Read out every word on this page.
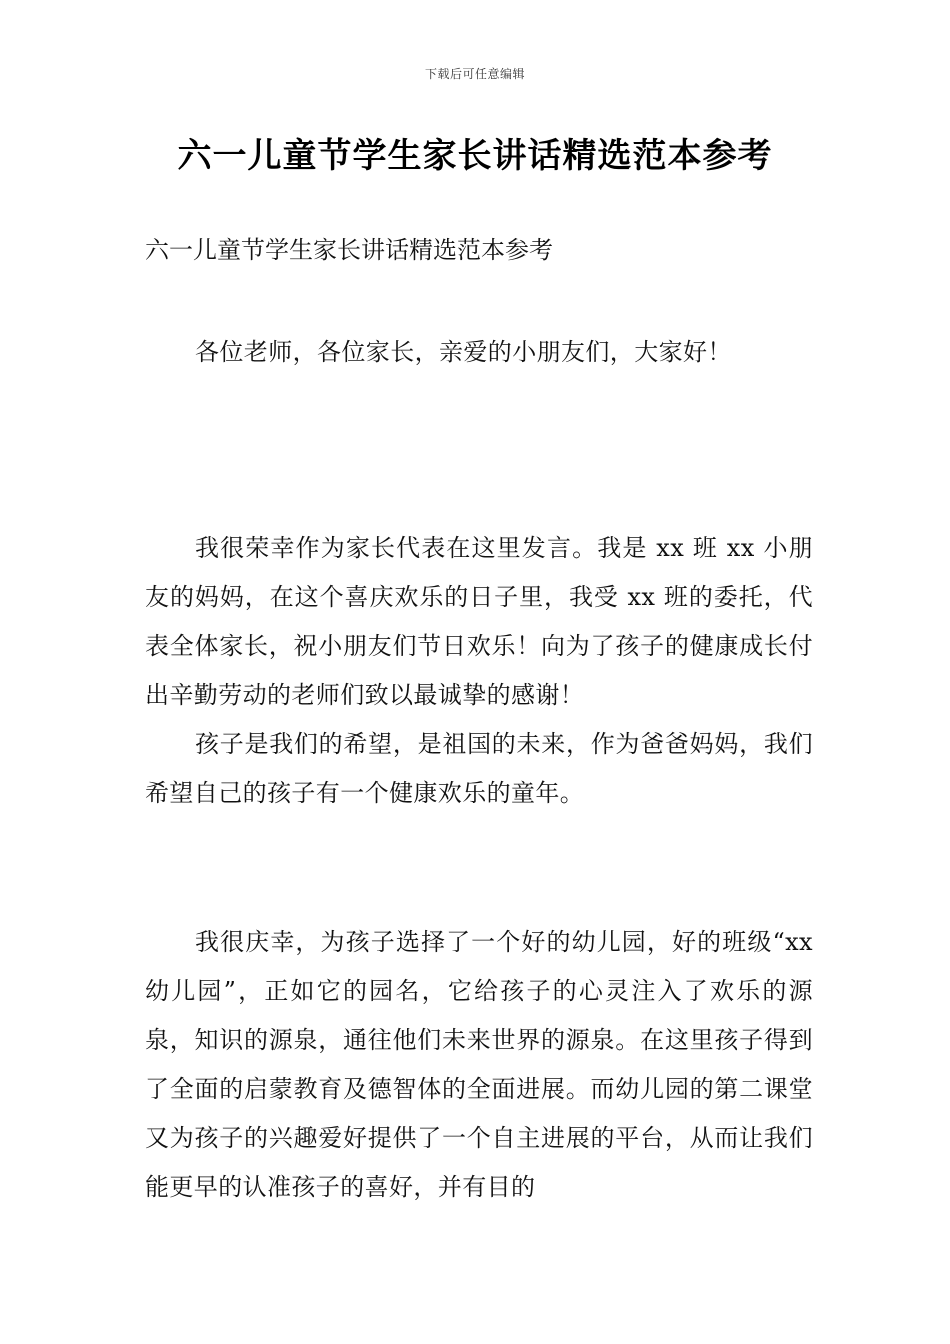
下载后可任意编辑
六一儿童节学生家长讲话精选范本参考

六一儿童节学生家长讲话精选范本参考

各位老师，各位家长，亲爱的小朋友们，大家好！

我很荣幸作为家长代表在这里发言。我是 xx 班 xx 小朋友的妈妈，在这个喜庆欢乐的日子里，我受 xx 班的委托，代表全体家长，祝小朋友们节日欢乐！向为了孩子的健康成长付出辛勤劳动的老师们致以最诚挚的感谢！

孩子是我们的希望，是祖国的未来，作为爸爸妈妈，我们希望自己的孩子有一个健康欢乐的童年。

我很庆幸，为孩子选择了一个好的幼儿园，好的班级“xx 幼儿园”，正如它的园名，它给孩子的心灵注入了欢乐的源泉，知识的源泉，通往他们未来世界的源泉。在这里孩子得到了全面的启蒙教育及德智体的全面进展。而幼儿园的第二课堂又为孩子的兴趣爱好提供了一个自主进展的平台，从而让我们能更早的认准孩子的喜好，并有目的
